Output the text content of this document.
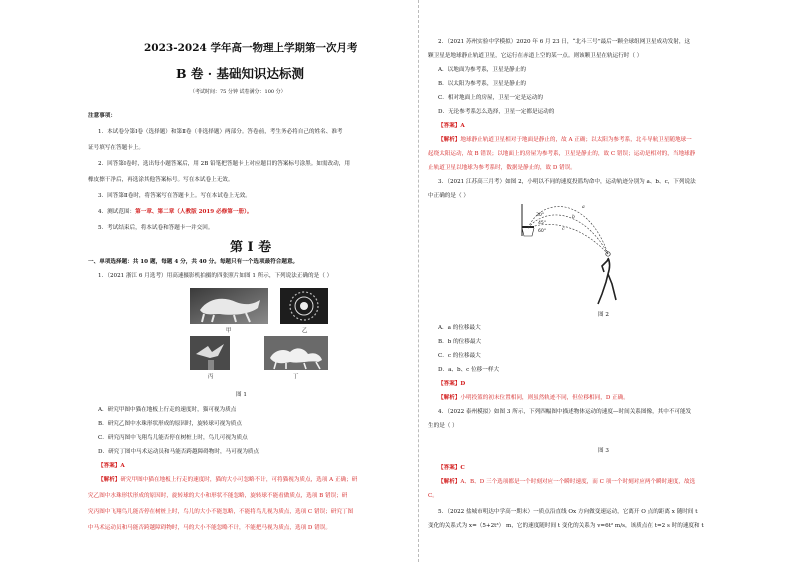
2023-2024 学年高一物理上学期第一次月考
B 卷 · 基础知识达标测
（考试时间：75 分钟 试卷满分：100 分）
注意事项：
1．本试卷分第Ⅰ卷（选择题）和第Ⅱ卷（非选择题）两部分。答卷前，考生务必将自己的姓名、准考
证号填写在答题卡上。
2．回答第Ⅰ卷时，选出每小题答案后，用 2B 铅笔把答题卡上对应题目的答案标号涂黑。如需改动，用
橡皮擦干净后，再选涂其他答案标号。写在本试卷上无效。
3．回答第Ⅱ卷时，将答案写在答题卡上。写在本试卷上无效。
4．测试范围：第一章、第二章（人教版 2019 必修第一册）。
5．考试结束后，将本试卷和答题卡一并交回。
第 Ⅰ 卷
一、单项选择题：共 10 题，每题 4 分，共 40 分。每题只有一个选项最符合题意。
1．（2021 浙江 6 月选考）用高速摄影机拍摄的四张照片如图 1 所示，下列说法正确的是（ ）
甲	乙
丙	丁
图 1
A．研究甲图中猫在地板上行走的速度时，猫可视为质点
B．研究乙图中水珠形状形成的原因时，旋转球可视为质点
C．研究丙图中飞翔鸟儿能否停在树桩上时，鸟儿可视为质点
D．研究丁图中马术运动员和马能否跨越障碍物时，马可视为质点
【答案】A
【解析】研究甲图中猫在地板上行走的速度时，猫的大小可忽略不计，可将猫视为质点，选项 A 正确；研
究乙图中水珠形状形成的原因时，旋转球的大小和形状不能忽略，旋转球不能看做质点，选项 B 错误；研
究丙图中飞翔鸟儿能否停在树桩上时，鸟儿的大小不能忽略，不能将鸟儿视为质点，选项 C 错误；研究丁图
中马术运动员和马能否跨越障碍物时，马的大小不能忽略不计，不能把马视为质点，选项 D 错误。
2．（2021 苏州实验中学模拟）2020 年 6 月 23 日，“北斗三号”最后一颗全球组网卫星成功发射，这
颗卫星是地球静止轨道卫星，它运行在赤道上空的某一点。则该颗卫星在轨运行时（ ）
A．以地面为参考系，卫星是静止的
B．以太阳为参考系，卫星是静止的
C．相对地面上的房屋，卫星一定是运动的
D．无论参考系怎么选择，卫星一定都是运动的
【答案】A
【解析】地球静止轨道卫星相对于地面是静止的，故 A 正确；以太阳为参考系，北斗导航卫星随地球一
起绕太阳运动，故 B 错误；以地面上的房屋为参考系，卫星是静止的，故 C 错误；运动是相对的，当地球静
止轨道卫星以地球为参考系时，数据是静止的，故 D 错误。
3．（2021 江苏高三月考）如图 2，小明以不同的速度投篮均命中，运动轨迹分别为 a、b、c，下列说法
中正确的是（ ）
30°
45°
60°
a
b
c
图 2
A．a 的位移最大
B．b 的位移最大
C．c 的位移最大
D．a、b、c 位移一样大
【答案】D
【解析】小明投篮的初末位置相同，则虽然轨迹不同，但位移相同，D 正确。
4．（2022 泰州模拟）如图 3 所示，下列四幅图中描述物体运动的速度—时间关系图像，其中不可能发
生的是（ ）
图 3
【答案】C
【解析】A、B、D 三个选项都是一个时刻对应一个瞬时速度，而 C 项一个时刻对应两个瞬时速度，故选
C。
5．（2022 盐城市明达中学高一期末）一质点沿直线 Ox 方向做变速运动，它离开 O 点的距离 x 随时间 t
变化的关系式为 x=（5+2t³） m，它的速度随时间 t 变化的关系为 v=6t² m/s，该质点在 t=2 s 时的速度和 t
